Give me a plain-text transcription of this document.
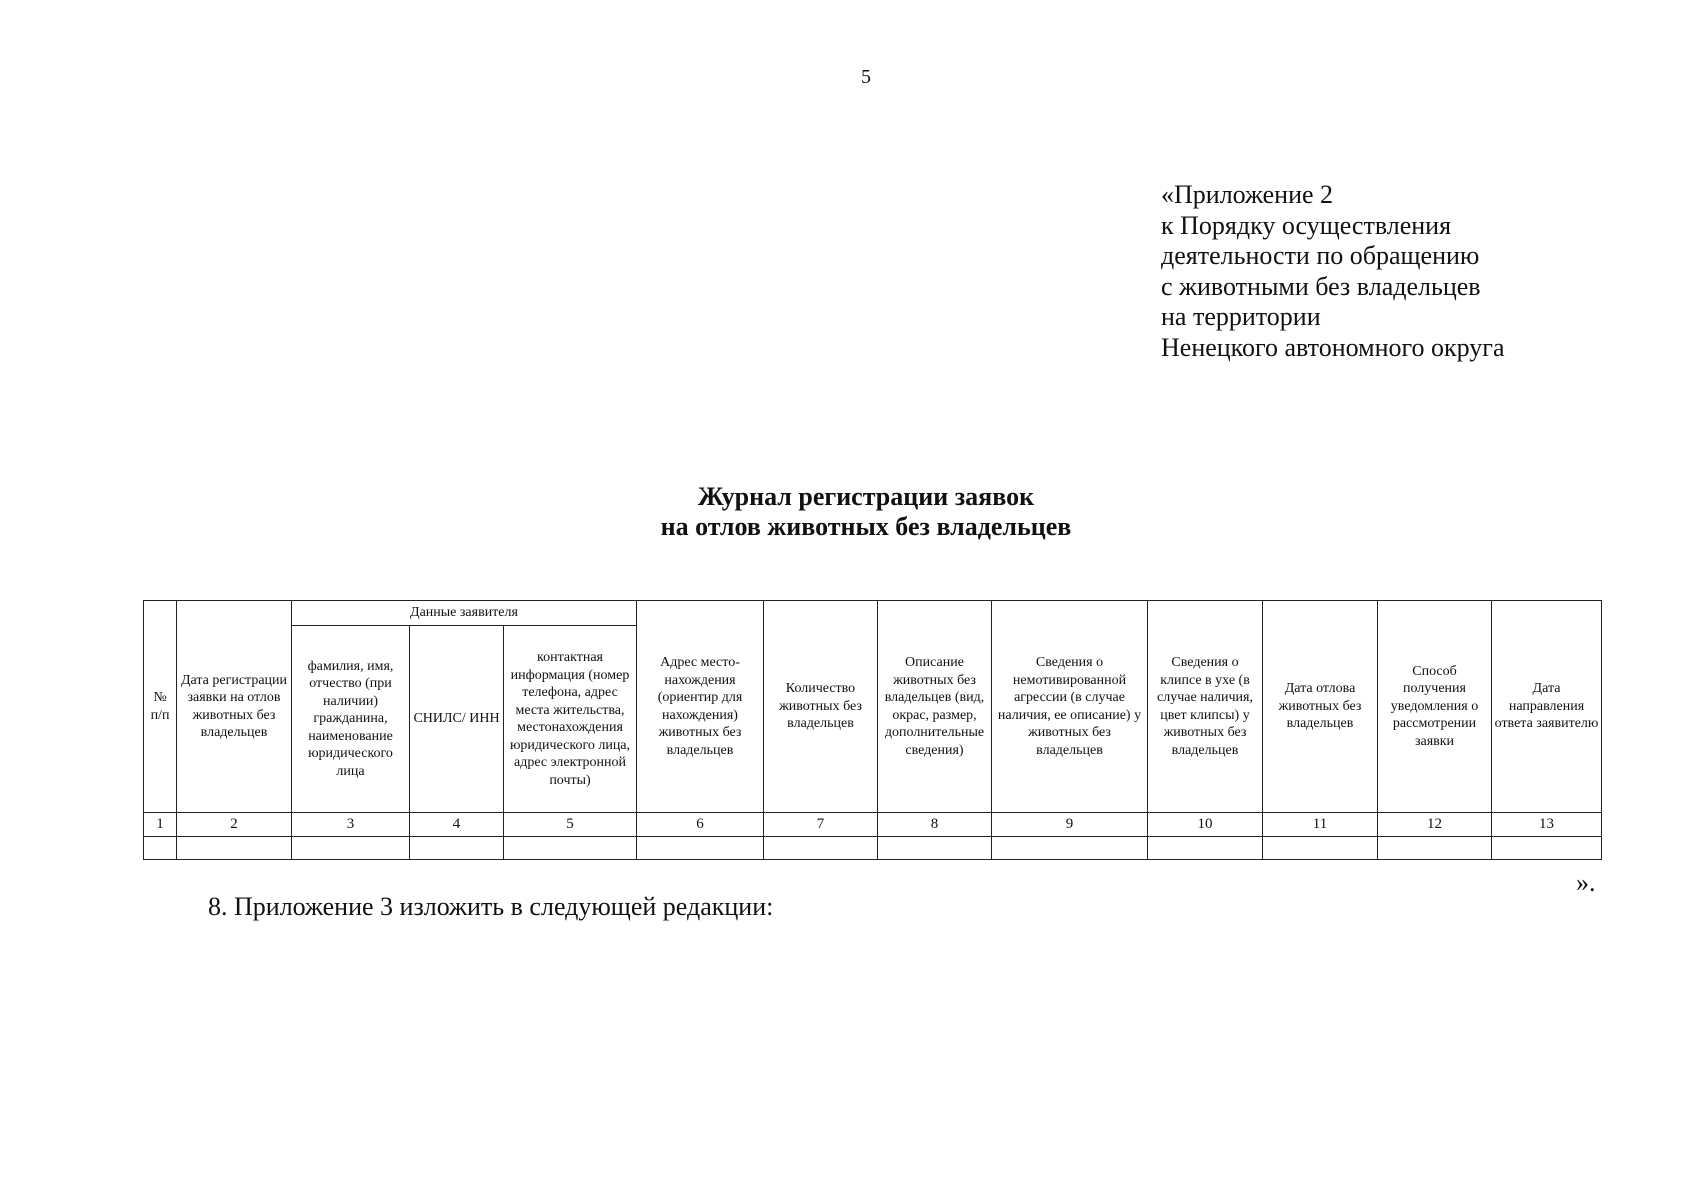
5
«Приложение 2
к Порядку осуществления
деятельности по обращению
с животными без владельцев
на территории
Ненецкого автономного округа
Журнал регистрации заявок
на отлов животных без владельцев
№ п/п	Дата регистрации заявки на отлов животных без владельцев	Данные заявителя			Адрес место-нахождения (ориентир для нахождения) животных без владельцев	Количество животных без владельцев	Описание животных без владельцев (вид, окрас, размер, дополнительные сведения)	Сведения о немотивированной агрессии (в случае наличия, ее описание) у животных без владельцев	Сведения о клипсе в ухе (в случае наличия, цвет клипсы) у животных без владельцев	Дата отлова животных без владельцев	Способ получения уведомления о рассмотрении заявки	Дата направления ответа заявителю
		фамилия, имя, отчество (при наличии) гражданина, наименование юридического лица	СНИЛС/ ИНН	контактная информация (номер телефона, адрес места жительства, местонахождения юридического лица, адрес электронной почты)								
1	2	3	4	5	6	7	8	9	10	11	12	13

».
8. Приложение 3 изложить в следующей редакции:
